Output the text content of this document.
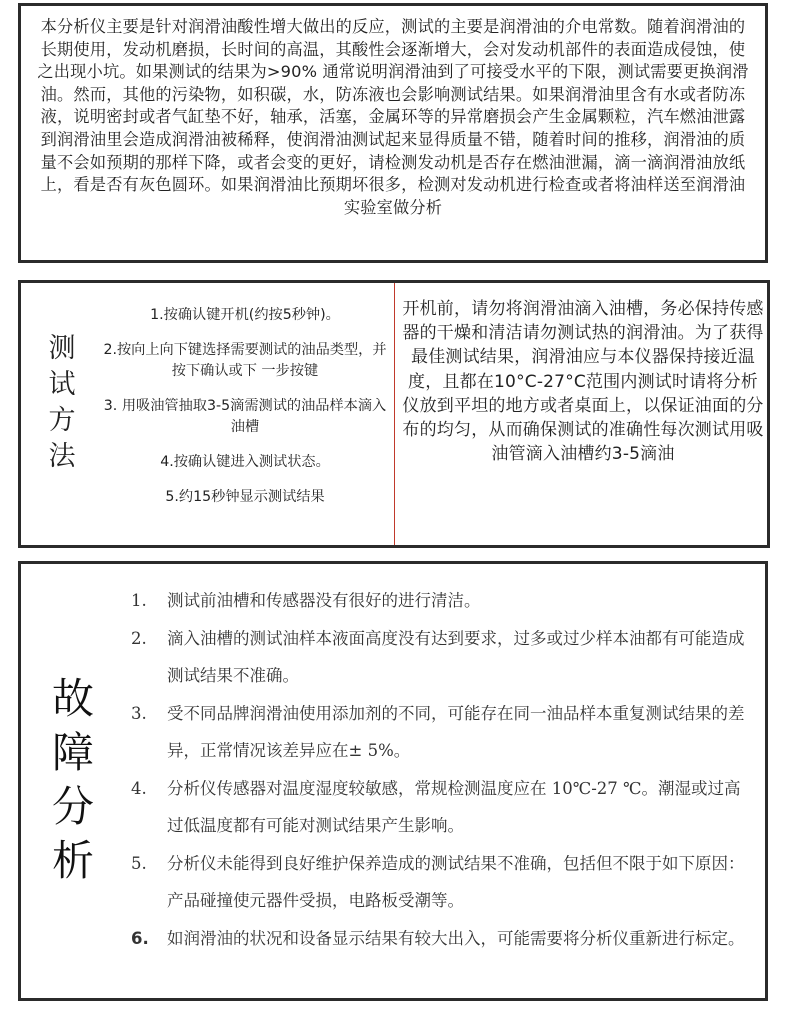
本分析仪主要是针对润滑油酸性增大做出的反应，测试的主要是润滑油的介电常数。随着润滑油的长期使用，发动机磨损，长时间的高温，其酸性会逐渐增大，会对发动机部件的表面造成侵蚀，使之出现小坑。如果测试的结果为>90% 通常说明润滑油到了可接受水平的下限，测试需要更换润滑油。然而，其他的污染物，如积碳，水，防冻液也会影响测试结果。如果润滑油里含有水或者防冻液，说明密封或者气缸垫不好，轴承，活塞，金属环等的异常磨损会产生金属颗粒，汽车燃油泄露到润滑油里会造成润滑油被稀释，使润滑油测试起来显得质量不错，随着时间的推移，润滑油的质量不会如预期的那样下降，或者会变的更好，请检测发动机是否存在燃油泄漏，滴一滴润滑油放纸上，看是否有灰色圆环。如果润滑油比预期坏很多，检测对发动机进行检查或者将油样送至润滑油实验室做分析

测试方法
1.按确认键开机(约按5秒钟)。
2.按向上向下键选择需要测试的油品类型，并按下确认或下 一步按键
3. 用吸油管抽取3-5滴需测试的油品样本滴入油槽
4.按确认键进入测试状态。
5.约15秒钟显示测试结果
开机前，请勿将润滑油滴入油槽，务必保持传感器的干燥和清洁请勿测试热的润滑油。为了获得最佳测试结果，润滑油应与本仪器保持接近温度，且都在10°C-27°C范围内测试时请将分析仪放到平坦的地方或者桌面上，以保证油面的分布的均匀，从而确保测试的准确性每次测试用吸油管滴入油槽约3-5滴油
故障分析
1. 测试前油槽和传感器没有很好的进行清洁。
2. 滴入油槽的测试油样本液面高度没有达到要求，过多或过少样本油都有可能造成测试结果不准确。
3. 受不同品牌润滑油使用添加剂的不同，可能存在同一油品样本重复测试结果的差异，正常情况该差异应在± 5%。
4. 分析仪传感器对温度湿度较敏感，常规检测温度应在 10℃-27 ℃。潮湿或过高过低温度都有可能对测试结果产生影响。
5. 分析仪未能得到良好维护保养造成的测试结果不准确，包括但不限于如下原因：产品碰撞使元器件受损，电路板受潮等。
6. 如润滑油的状况和设备显示结果有较大出入，可能需要将分析仪重新进行标定。
